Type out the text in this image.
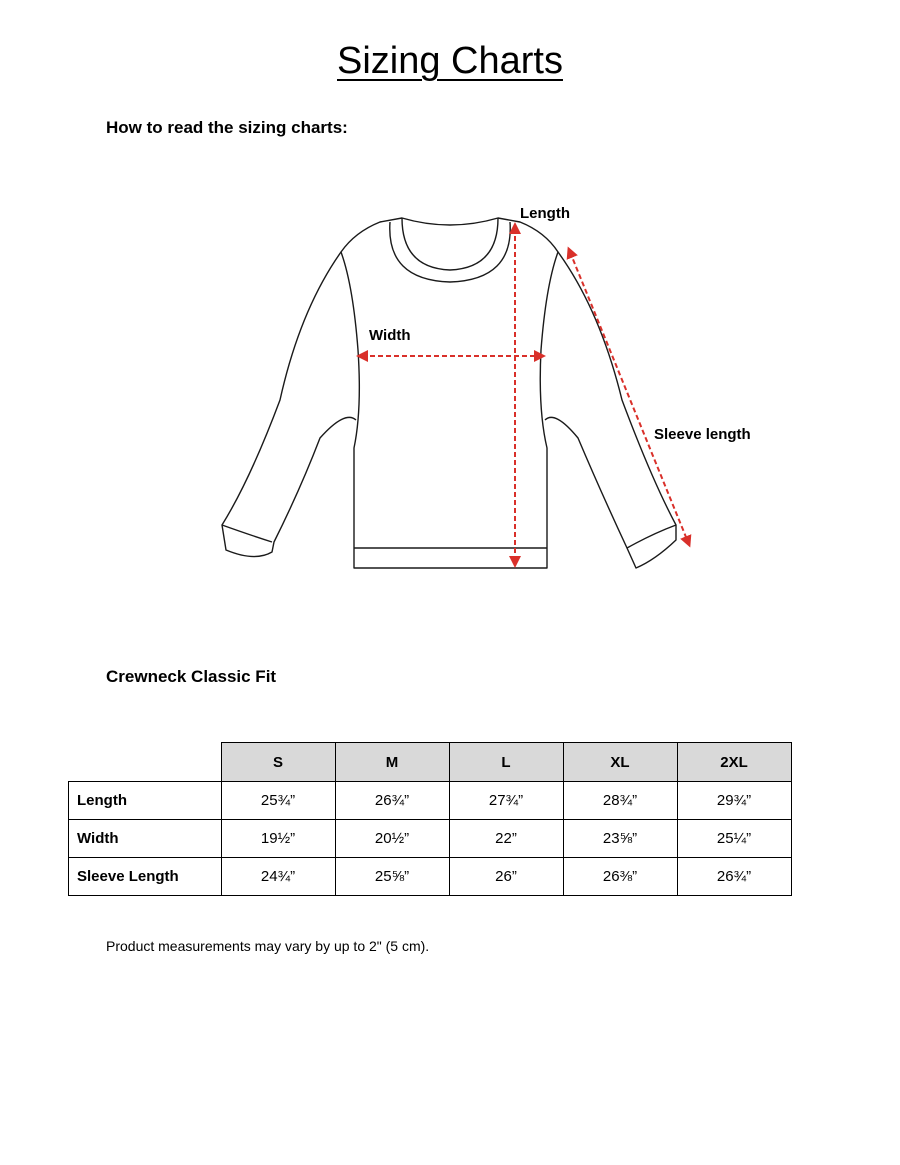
Sizing Charts
How to read the sizing charts:
Length
Width
Sleeve length
Crewneck Classic Fit
	S	M	L	XL	2XL
Length	25¾”	26¾”	27¾”	28¾”	29¾”
Width	19½”	20½”	22”	23⅝”	25¼”
Sleeve Length	24¾”	25⅝”	26”	26⅜”	26¾”
Product measurements may vary by up to 2" (5 cm).
